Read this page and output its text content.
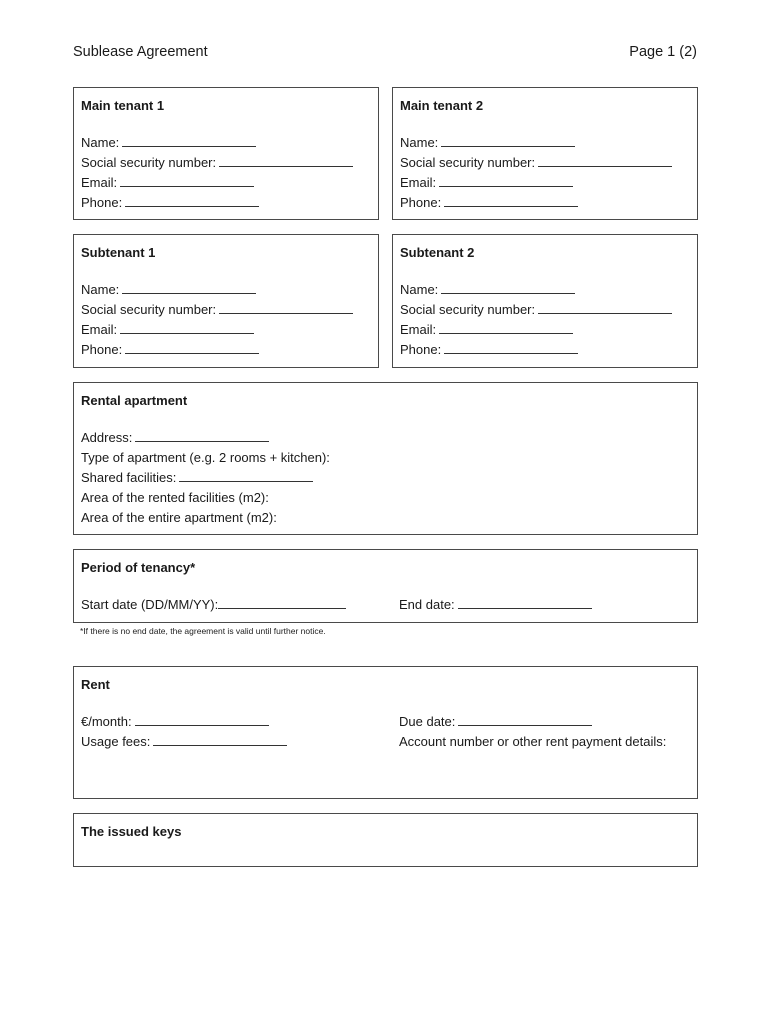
Sublease Agreement	Page 1 (2)
Main tenant 1
Name:
Social security number:
Email:
Phone:
Main tenant 2
Name:
Social security number:
Email:
Phone:
Subtenant 1
Name:
Social security number:
Email:
Phone:
Subtenant 2
Name:
Social security number:
Email:
Phone:
Rental apartment
Address:
Type of apartment (e.g. 2 rooms + kitchen):
Shared facilities:
Area of the rented facilities (m2):
Area of the entire apartment (m2):
Period of tenancy*
Start date (DD/MM/YY):	End date:
*If there is no end date, the agreement is valid until further notice.
Rent
€/month:
Usage fees:
Due date:
Account number or other rent payment details:
The issued keys
